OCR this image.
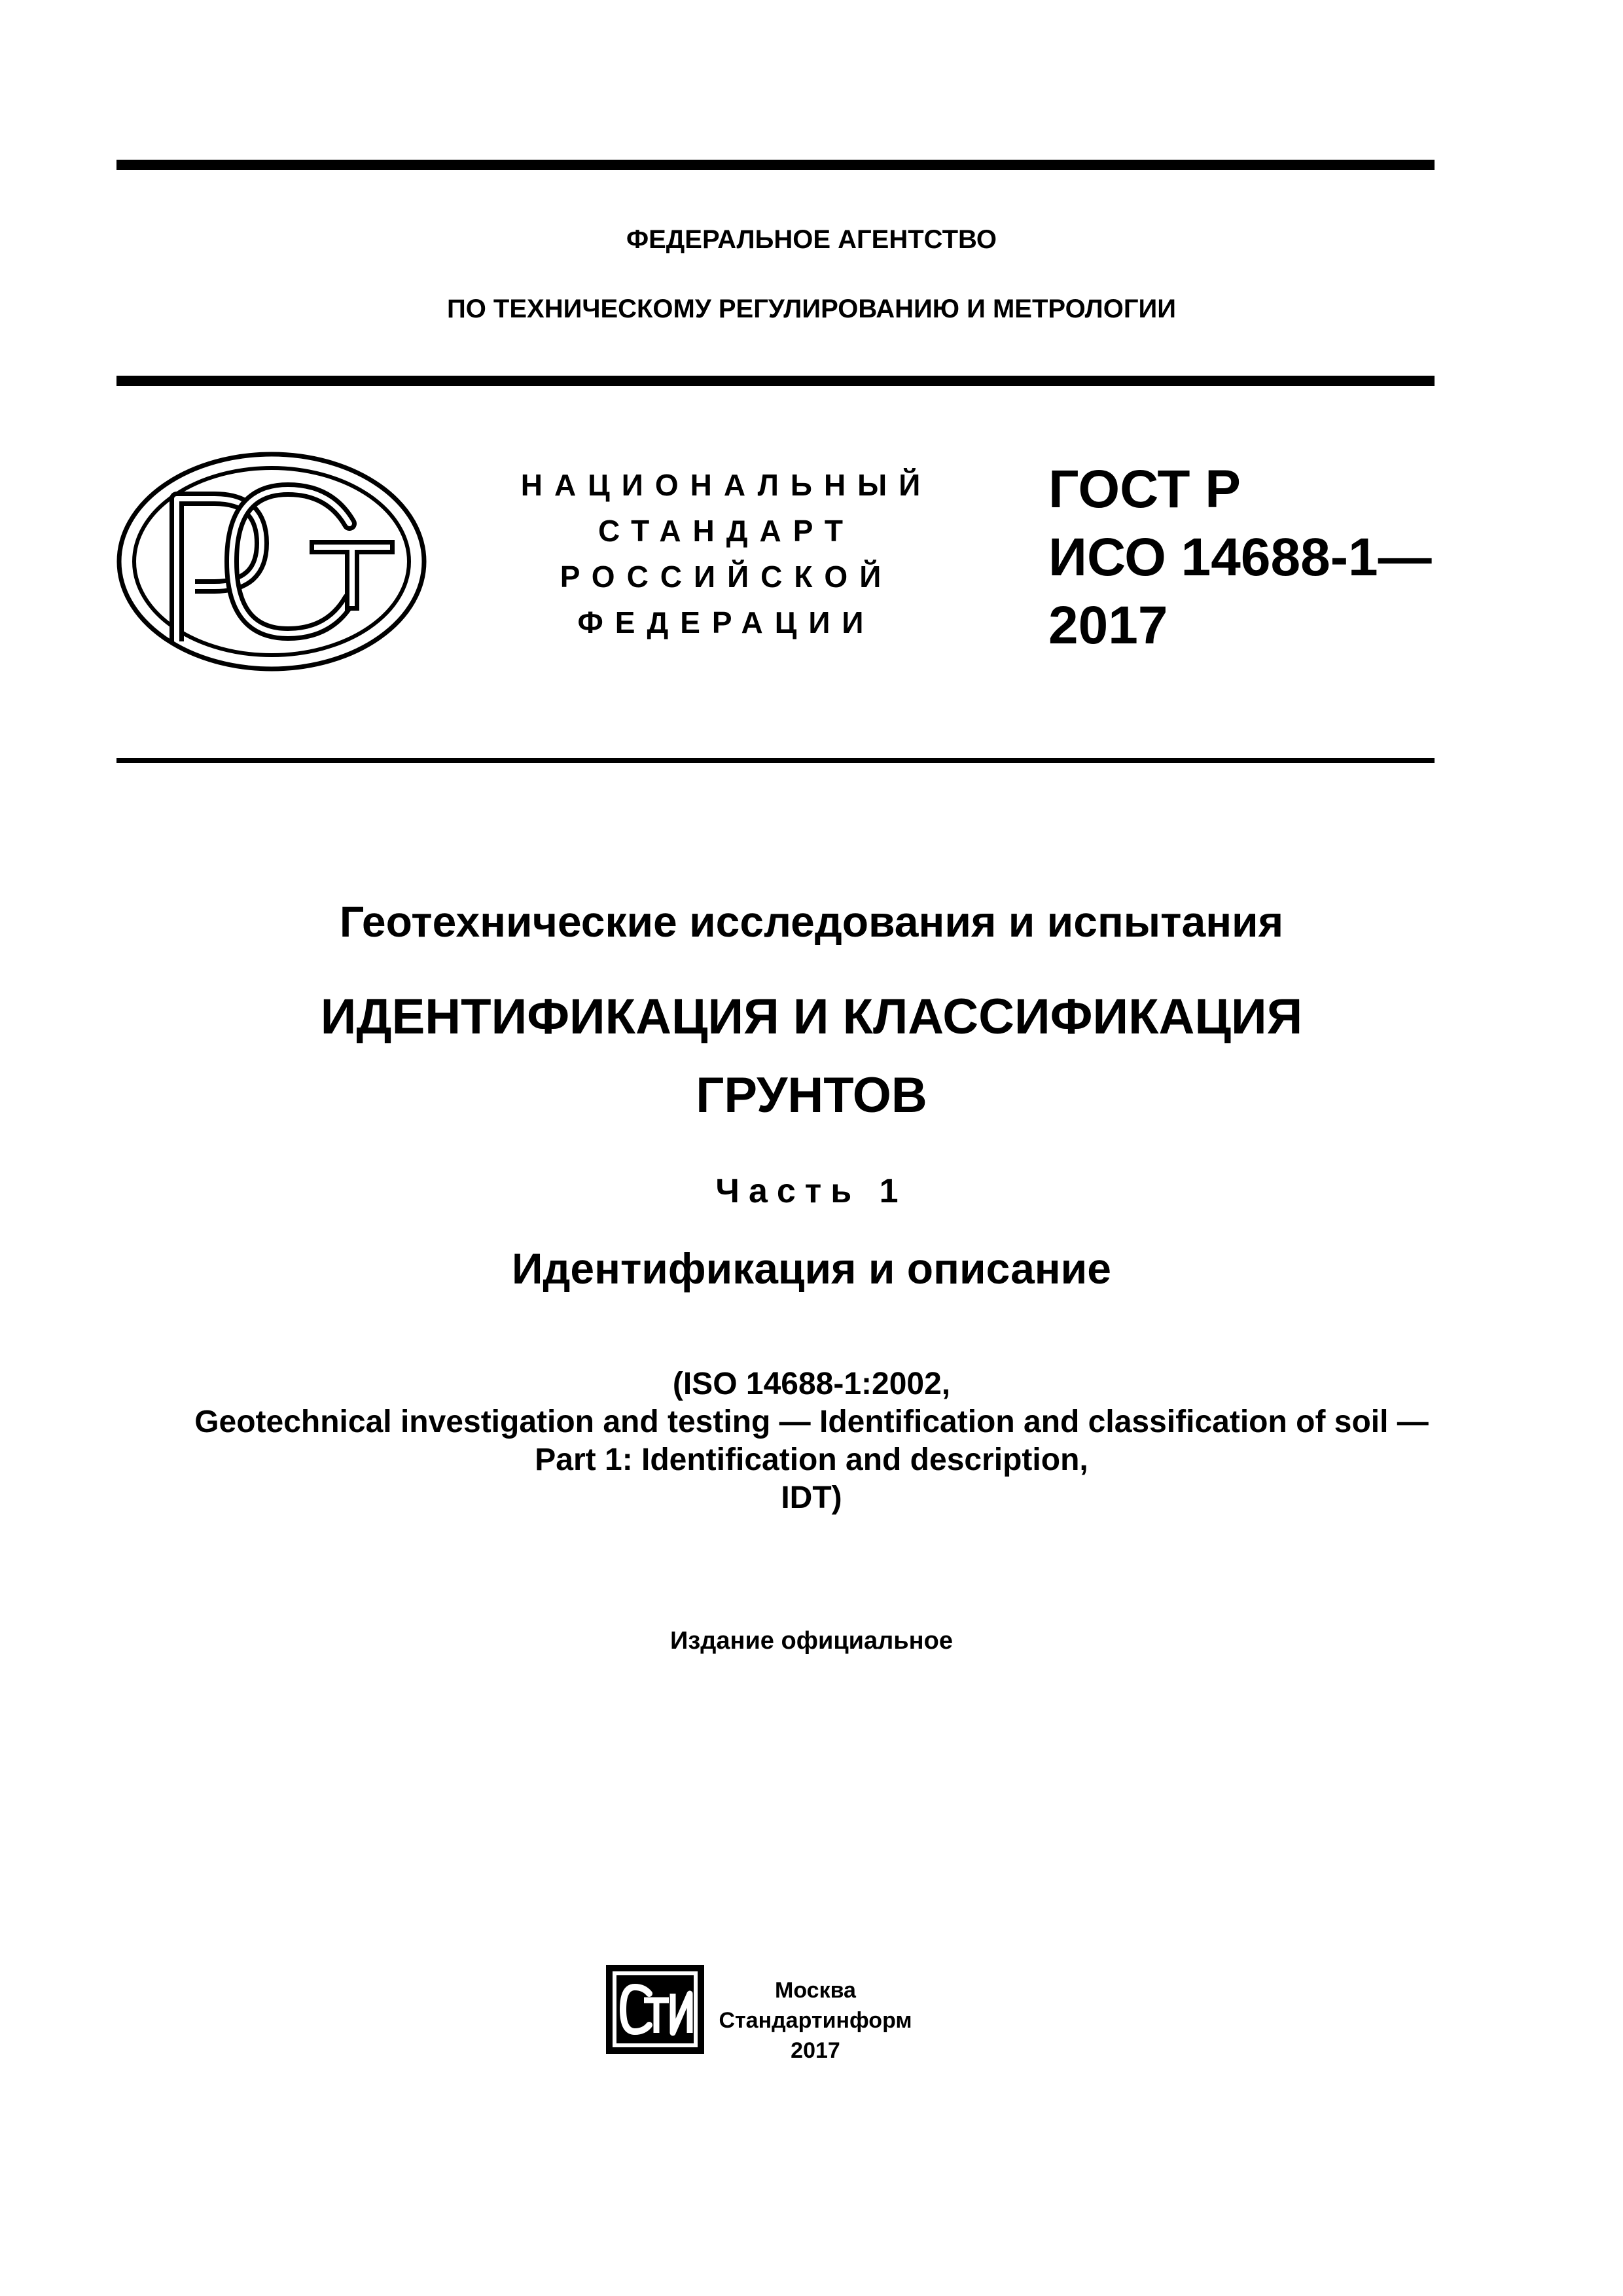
ФЕДЕРАЛЬНОЕ АГЕНТСТВО
ПО ТЕХНИЧЕСКОМУ РЕГУЛИРОВАНИЮ И МЕТРОЛОГИИ
НАЦИОНАЛЬНЫЙ
СТАНДАРТ
РОССИЙСКОЙ
ФЕДЕРАЦИИ
ГОСТ Р
ИСО 14688-1—
2017
Геотехнические исследования и испытания
ИДЕНТИФИКАЦИЯ И КЛАССИФИКАЦИЯ
ГРУНТОВ
Часть 1
Идентификация и описание
(ISO 14688-1:2002,
Geotechnical investigation and testing — Identification and classification of soil —
Part 1: Identification and description,
IDT)
Издание официальное
Москва
Стандартинформ
2017
